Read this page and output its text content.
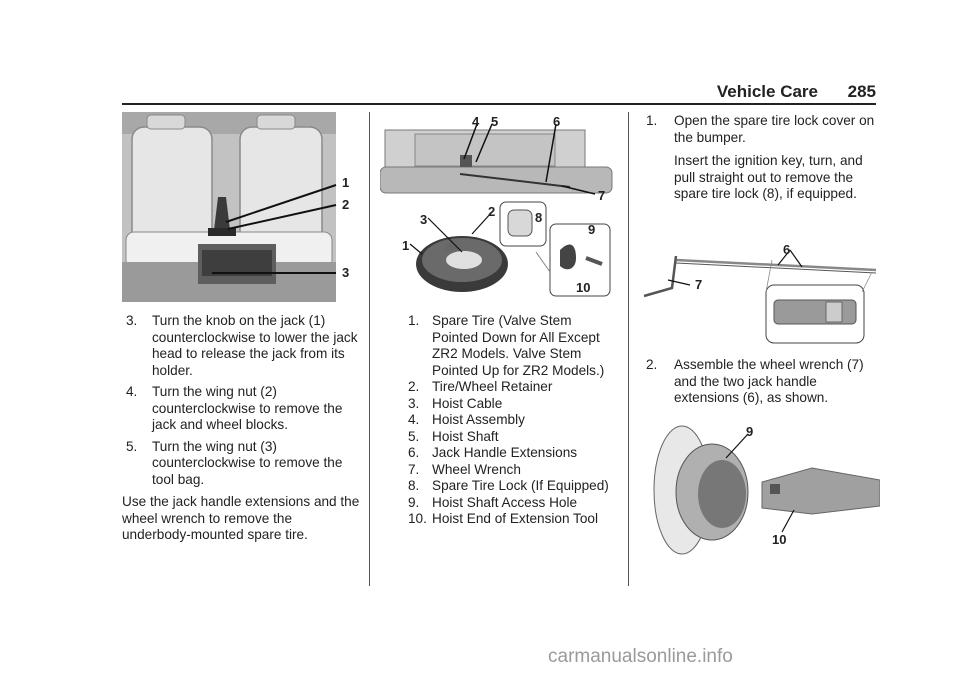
Vehicle Care 285
1
2
3
3. Turn the knob on the jack (1) counterclockwise to lower the jack head to release the jack from its holder.
4. Turn the wing nut (2) counterclockwise to remove the jack and wheel blocks.
5. Turn the wing nut (3) counterclockwise to remove the tool bag.

Use the jack handle extensions and the wheel wrench to remove the underbody-mounted spare tire.

4 5	6
7
8
2
3
1
9
10
1. Spare Tire (Valve Stem Pointed Down for All Except ZR2 Models. Valve Stem Pointed Up for ZR2 Models.)
2. Tire/Wheel Retainer
3. Hoist Cable
4. Hoist Assembly
5. Hoist Shaft
6. Jack Handle Extensions
7. Wheel Wrench
8. Spare Tire Lock (If Equipped)
9. Hoist Shaft Access Hole
10. Hoist End of Extension Tool
1. Open the spare tire lock cover on the bumper.

Insert the ignition key, turn, and pull straight out to remove the spare tire lock (8), if equipped.

6
7
2. Assemble the wheel wrench (7) and the two jack handle extensions (6), as shown.
9
10
carmanualsonline.info
